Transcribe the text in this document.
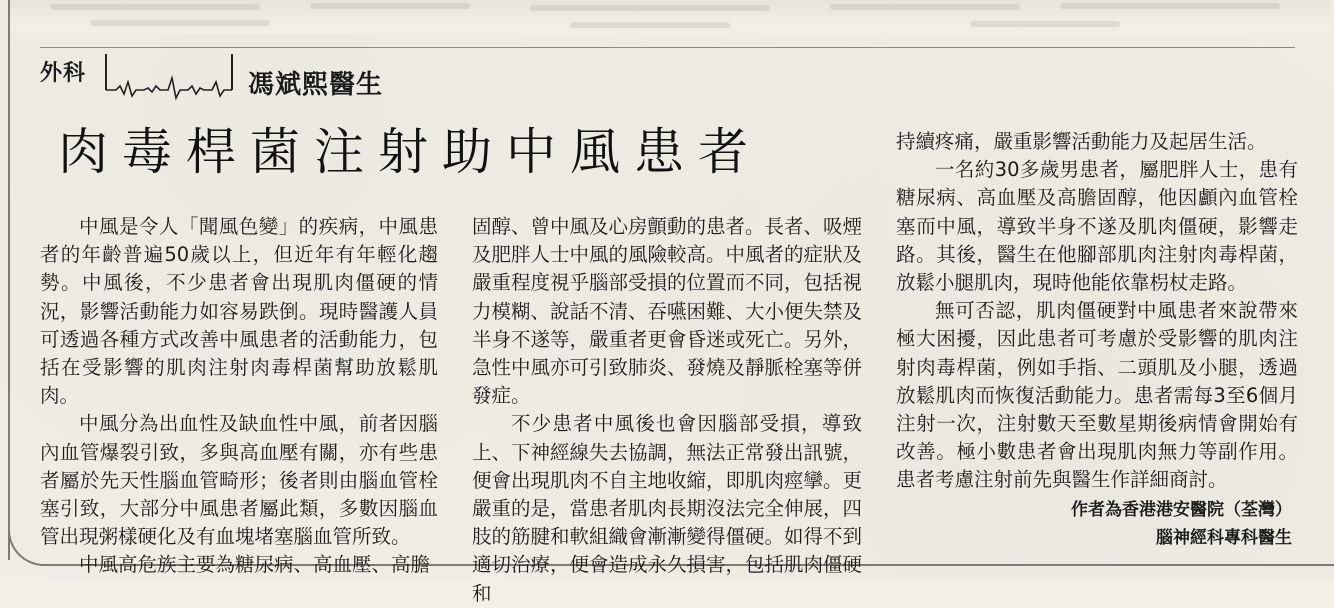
外科	馮斌熙醫生
肉毒桿菌注射助中風患者

中風是令人「聞風色變」的疾病，中風患者的年齡普遍50歲以上，但近年有年輕化趨勢。中風後，不少患者會出現肌肉僵硬的情況，影響活動能力如容易跌倒。現時醫護人員可透過各種方式改善中風患者的活動能力，包括在受影響的肌肉注射肉毒桿菌幫助放鬆肌肉。

中風分為出血性及缺血性中風，前者因腦內血管爆裂引致，多與高血壓有關，亦有些患者屬於先天性腦血管畸形；後者則由腦血管栓塞引致，大部分中風患者屬此類，多數因腦血管出現粥樣硬化及有血塊堵塞腦血管所致。

中風高危族主要為糖尿病、高血壓、高膽

固醇、曾中風及心房顫動的患者。長者、吸煙及肥胖人士中風的風險較高。中風者的症狀及嚴重程度視乎腦部受損的位置而不同，包括視力模糊、說話不清、吞嚥困難、大小便失禁及半身不遂等，嚴重者更會昏迷或死亡。另外，急性中風亦可引致肺炎、發燒及靜脈栓塞等併發症。

不少患者中風後也會因腦部受損，導致上、下神經線失去協調，無法正常發出訊號，便會出現肌肉不自主地收縮，即肌肉痙攣。更嚴重的是，當患者肌肉長期沒法完全伸展，四肢的筋腱和軟組織會漸漸變得僵硬。如得不到適切治療，便會造成永久損害，包括肌肉僵硬和

持續疼痛，嚴重影響活動能力及起居生活。

一名約30多歲男患者，屬肥胖人士，患有糖尿病、高血壓及高膽固醇，他因顱內血管栓塞而中風，導致半身不遂及肌肉僵硬，影響走路。其後，醫生在他腳部肌肉注射肉毒桿菌，放鬆小腿肌肉，現時他能依靠枴杖走路。

無可否認，肌肉僵硬對中風患者來說帶來極大困擾，因此患者可考慮於受影響的肌肉注射肉毒桿菌，例如手指、二頭肌及小腿，透過放鬆肌肉而恢復活動能力。患者需每3至6個月注射一次，注射數天至數星期後病情會開始有改善。極小數患者會出現肌肉無力等副作用。患者考慮注射前先與醫生作詳細商討。

作者為香港港安醫院（荃灣）
腦神經科專科醫生
